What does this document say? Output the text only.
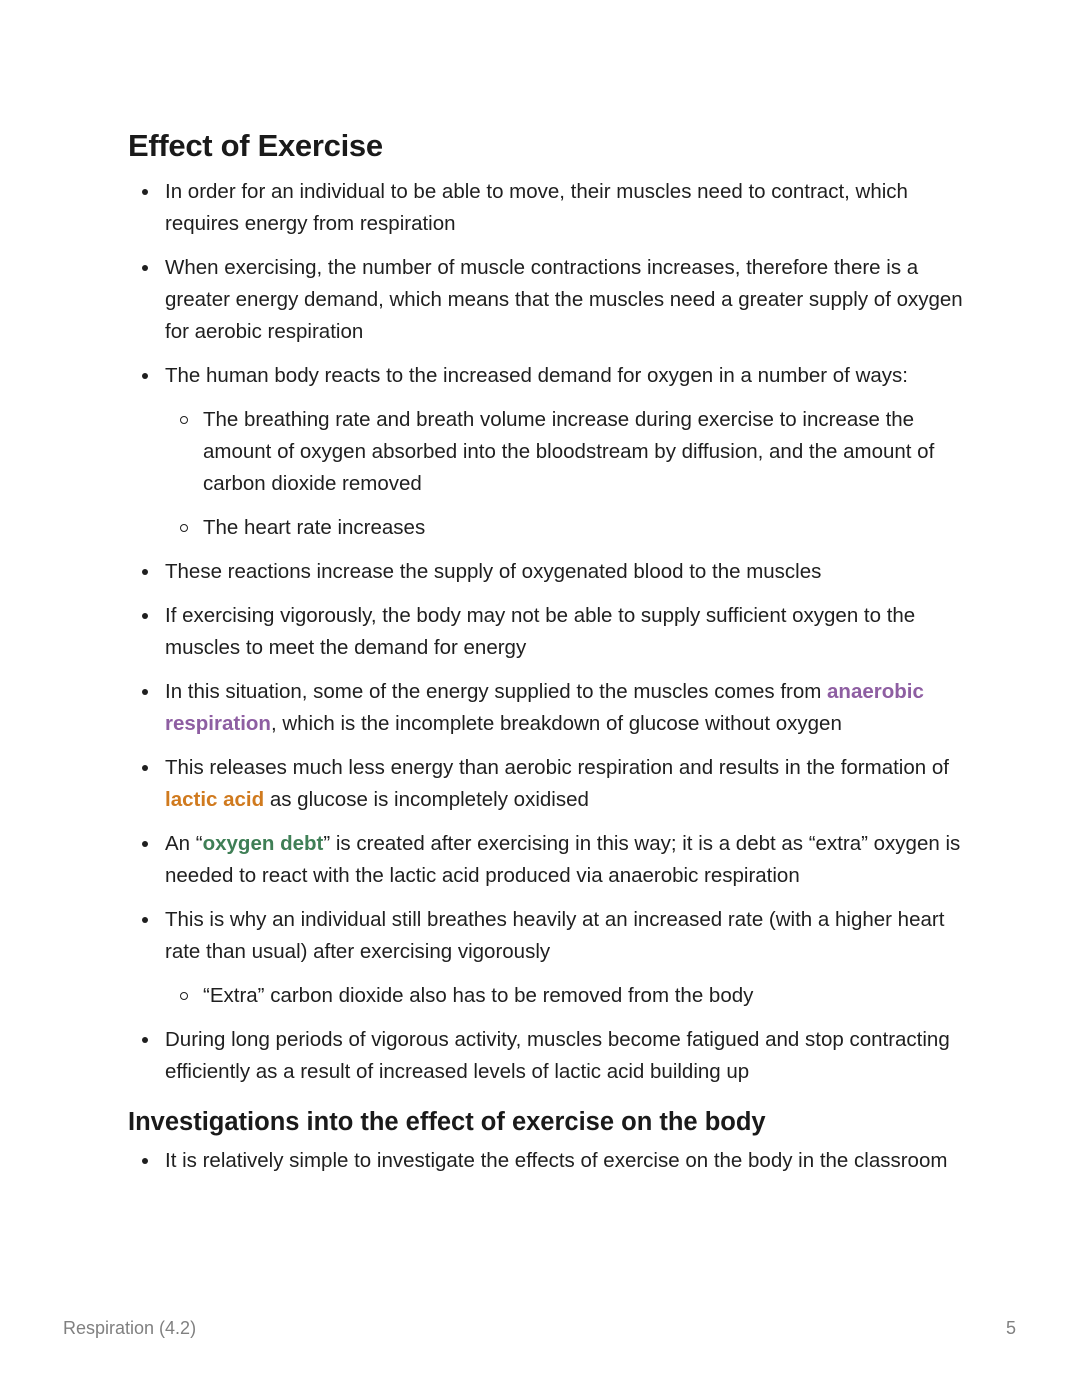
Effect of Exercise
In order for an individual to be able to move, their muscles need to contract, which requires energy from respiration
When exercising, the number of muscle contractions increases, therefore there is a greater energy demand, which means that the muscles need a greater supply of oxygen for aerobic respiration
The human body reacts to the increased demand for oxygen in a number of ways:
The breathing rate and breath volume increase during exercise to increase the amount of oxygen absorbed into the bloodstream by diffusion, and the amount of carbon dioxide removed
The heart rate increases
These reactions increase the supply of oxygenated blood to the muscles
If exercising vigorously, the body may not be able to supply sufficient oxygen to the muscles to meet the demand for energy
In this situation, some of the energy supplied to the muscles comes from anaerobic respiration, which is the incomplete breakdown of glucose without oxygen
This releases much less energy than aerobic respiration and results in the formation of lactic acid as glucose is incompletely oxidised
An “oxygen debt” is created after exercising in this way; it is a debt as “extra” oxygen is needed to react with the lactic acid produced via anaerobic respiration
This is why an individual still breathes heavily at an increased rate (with a higher heart rate than usual) after exercising vigorously
“Extra” carbon dioxide also has to be removed from the body
During long periods of vigorous activity, muscles become fatigued and stop contracting efficiently as a result of increased levels of lactic acid building up
Investigations into the effect of exercise on the body
It is relatively simple to investigate the effects of exercise on the body in the classroom
Respiration (4.2)	5
